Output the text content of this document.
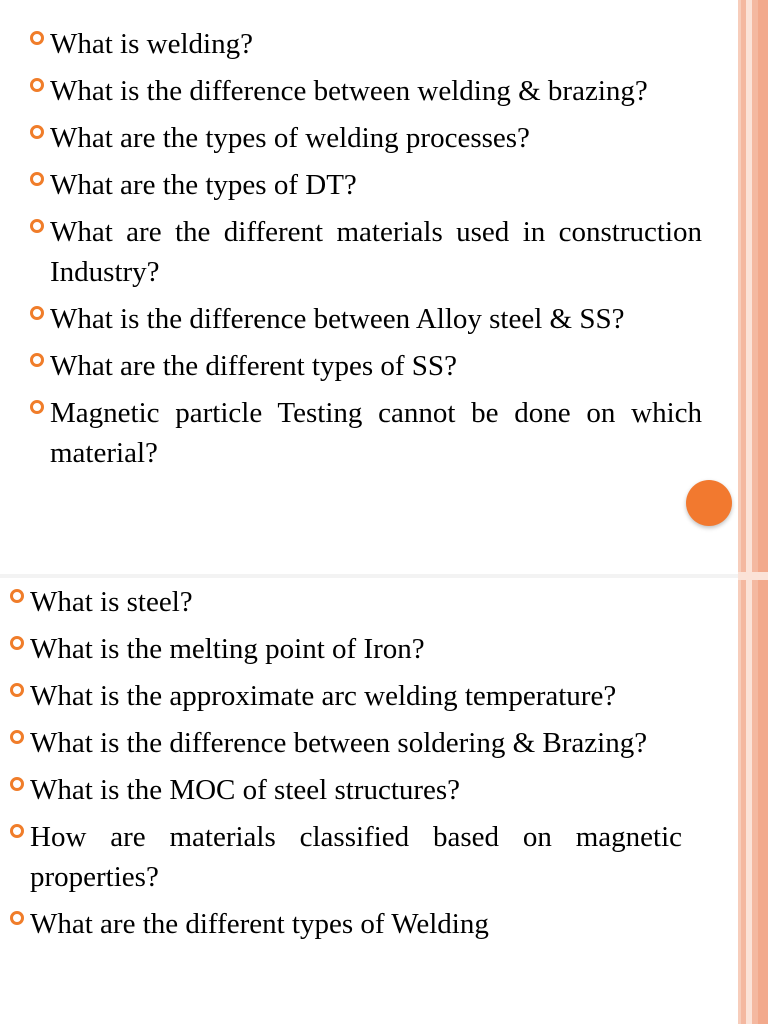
What is welding?
What is the difference between welding & brazing?
What are the types of welding processes?
What are the types of DT?
What are the different materials used in construction Industry?
What is the difference between Alloy steel & SS?
What are the different types of SS?
Magnetic particle Testing cannot be done on which material?
What is steel?
What is the melting point of Iron?
What is the approximate arc welding temperature?
What is the difference between soldering & Brazing?
What is the MOC of steel structures?
How are materials classified based on magnetic properties?
What are the different types of Welding
